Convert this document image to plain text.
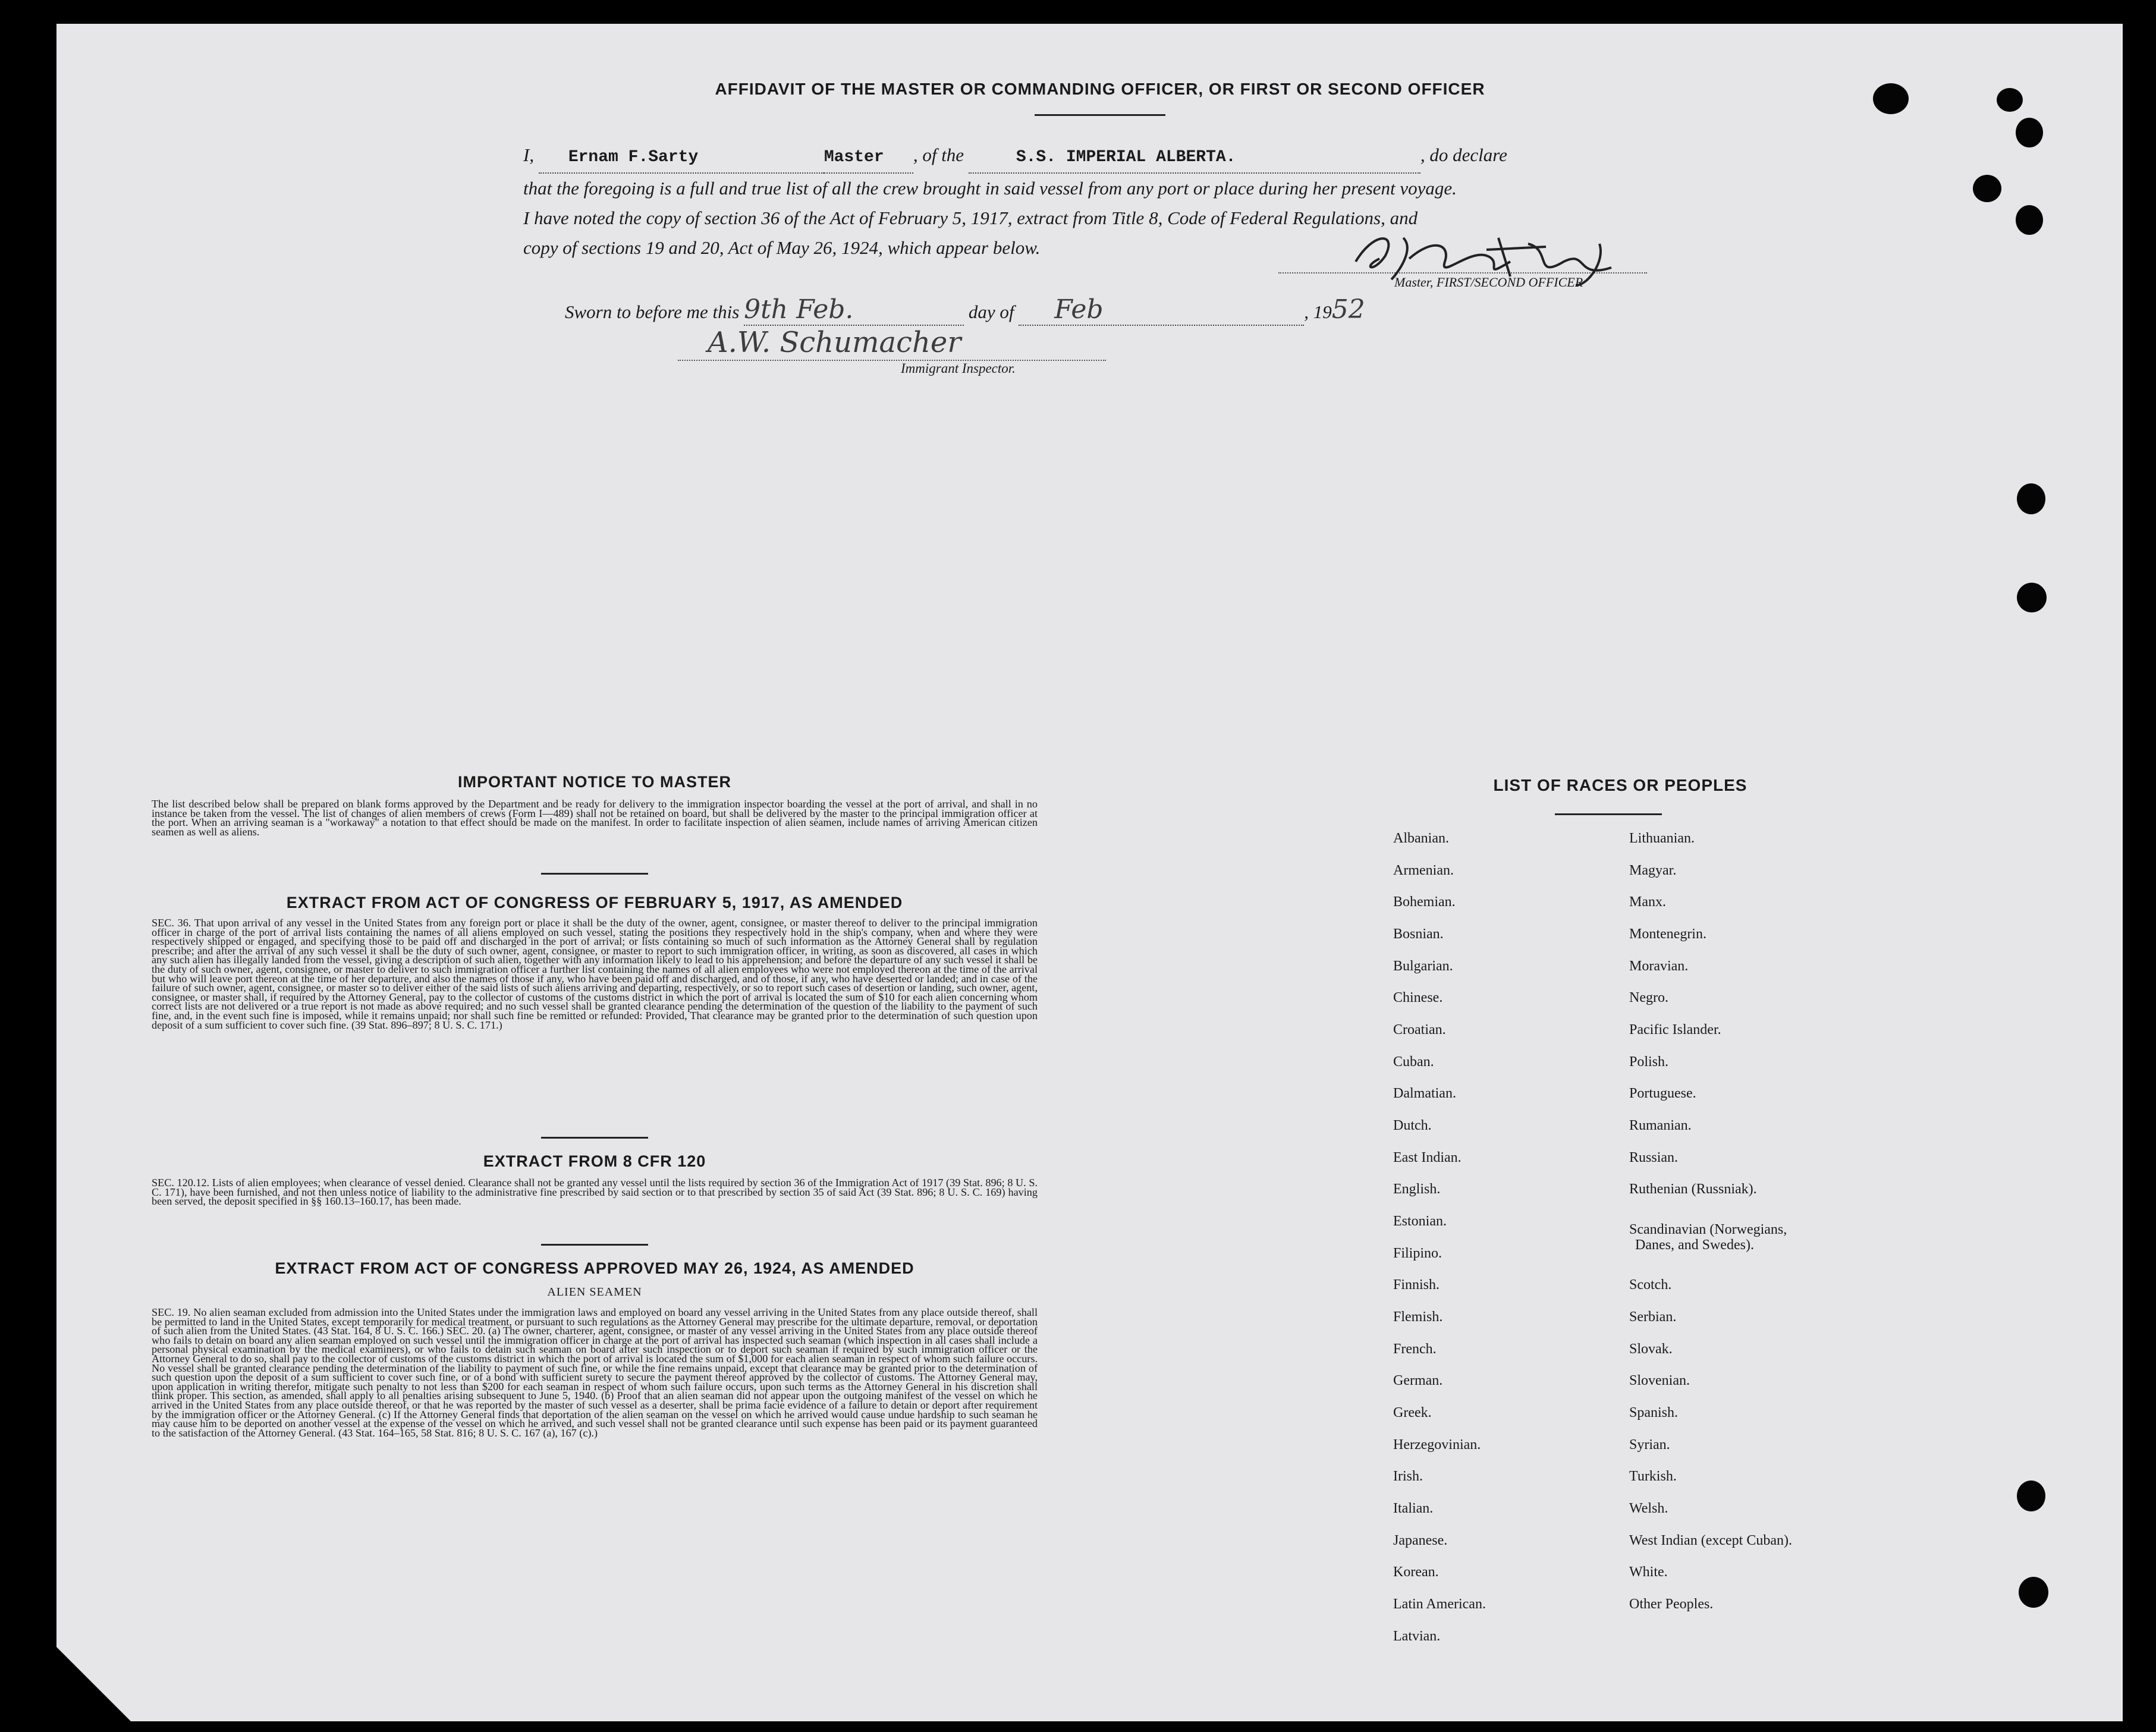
AFFIDAVIT OF THE MASTER OR COMMANDING OFFICER, OR FIRST OR SECOND OFFICER
I, Ernam F.Sarty	Master , of the	S.S. IMPERIAL ALBERTA.	, do declare
that the foregoing is a full and true list of all the crew brought in said vessel from any port or place during her present voyage.
I have noted the copy of section 36 of the Act of February 5, 1917, extract from Title 8, Code of Federal Regulations, and
copy of sections 19 and 20, Act of May 26, 1924, which appear below.
Master, FIRST/SECOND OFFICER
Sworn to before me this 9th Feb.	day of Feb	, 1952
A.W. Schumacher
Immigrant Inspector.
IMPORTANT NOTICE TO MASTER
The list described below shall be prepared on blank forms approved by the Department and be ready for delivery to the immigration inspector boarding the vessel at the port of arrival, and shall in no instance be taken from the vessel. The list of changes of alien members of crews (Form I—489) shall not be retained on board, but shall be delivered by the master to the principal immigration officer at the port. When an arriving seaman is a "workaway" a notation to that effect should be made on the manifest. In order to facilitate inspection of alien seamen, include names of arriving American citizen seamen as well as aliens.
EXTRACT FROM ACT OF CONGRESS OF FEBRUARY 5, 1917, AS AMENDED
SEC. 36. That upon arrival of any vessel in the United States from any foreign port or place it shall be the duty of the owner, agent, consignee, or master thereof to deliver to the principal immigration officer in charge of the port of arrival lists containing the names of all aliens employed on such vessel, stating the positions they respectively hold in the ship's company, when and where they were respectively shipped or engaged, and specifying those to be paid off and discharged in the port of arrival; or lists containing so much of such information as the Attorney General shall by regulation prescribe; and after the arrival of any such vessel it shall be the duty of such owner, agent, consignee, or master to report to such immigration officer, in writing, as soon as discovered, all cases in which any such alien has illegally landed from the vessel, giving a description of such alien, together with any information likely to lead to his apprehension; and before the departure of any such vessel it shall be the duty of such owner, agent, consignee, or master to deliver to such immigration officer a further list containing the names of all alien employees who were not employed thereon at the time of the arrival but who will leave port thereon at the time of her departure, and also the names of those if any, who have been paid off and discharged, and of those, if any, who have deserted or landed; and in case of the failure of such owner, agent, consignee, or master so to deliver either of the said lists of such aliens arriving and departing, respectively, or so to report such cases of desertion or landing, such owner, agent, consignee, or master shall, if required by the Attorney General, pay to the collector of customs of the customs district in which the port of arrival is located the sum of $10 for each alien concerning whom correct lists are not delivered or a true report is not made as above required; and no such vessel shall be granted clearance pending the determination of the question of the liability to the payment of such fine, and, in the event such fine is imposed, while it remains unpaid; nor shall such fine be remitted or refunded: Provided, That clearance may be granted prior to the determination of such question upon deposit of a sum sufficient to cover such fine. (39 Stat. 896–897; 8 U. S. C. 171.)
EXTRACT FROM 8 CFR 120
SEC. 120.12. Lists of alien employees; when clearance of vessel denied. Clearance shall not be granted any vessel until the lists required by section 36 of the Immigration Act of 1917 (39 Stat. 896; 8 U. S. C. 171), have been furnished, and not then unless notice of liability to the administrative fine prescribed by said section or to that prescribed by section 35 of said Act (39 Stat. 896; 8 U. S. C. 169) having been served, the deposit specified in §§ 160.13–160.17, has been made.
EXTRACT FROM ACT OF CONGRESS APPROVED MAY 26, 1924, AS AMENDED
ALIEN SEAMEN
SEC. 19. No alien seaman excluded from admission into the United States under the immigration laws and employed on board any vessel arriving in the United States from any place outside thereof, shall be permitted to land in the United States, except temporarily for medical treatment, or pursuant to such regulations as the Attorney General may prescribe for the ultimate departure, removal, or deportation of such alien from the United States. (43 Stat. 164, 8 U. S. C. 166.) SEC. 20. (a) The owner, charterer, agent, consignee, or master of any vessel arriving in the United States from any place outside thereof who fails to detain on board any alien seaman employed on such vessel until the immigration officer in charge at the port of arrival has inspected such seaman (which inspection in all cases shall include a personal physical examination by the medical examiners), or who fails to detain such seaman on board after such inspection or to deport such seaman if required by such immigration officer or the Attorney General to do so, shall pay to the collector of customs of the customs district in which the port of arrival is located the sum of $1,000 for each alien seaman in respect of whom such failure occurs. No vessel shall be granted clearance pending the determination of the liability to payment of such fine, or while the fine remains unpaid, except that clearance may be granted prior to the determination of such question upon the deposit of a sum sufficient to cover such fine, or of a bond with sufficient surety to secure the payment thereof approved by the collector of customs. The Attorney General may, upon application in writing therefor, mitigate such penalty to not less than $200 for each seaman in respect of whom such failure occurs, upon such terms as the Attorney General in his discretion shall think proper. This section, as amended, shall apply to all penalties arising subsequent to June 5, 1940. (b) Proof that an alien seaman did not appear upon the outgoing manifest of the vessel on which he arrived in the United States from any place outside thereof, or that he was reported by the master of such vessel as a deserter, shall be prima facie evidence of a failure to detain or deport after requirement by the immigration officer or the Attorney General. (c) If the Attorney General finds that deportation of the alien seaman on the vessel on which he arrived would cause undue hardship to such seaman he may cause him to be deported on another vessel at the expense of the vessel on which he arrived, and such vessel shall not be granted clearance until such expense has been paid or its payment guaranteed to the satisfaction of the Attorney General. (43 Stat. 164–165, 58 Stat. 816; 8 U. S. C. 167 (a), 167 (c).)
LIST OF RACES OR PEOPLES
Albanian.
Armenian.
Bohemian.
Bosnian.
Bulgarian.
Chinese.
Croatian.
Cuban.
Dalmatian.
Dutch.
East Indian.
English.
Estonian.
Filipino.
Finnish.
Flemish.
French.
German.
Greek.
Herzegovinian.
Irish.
Italian.
Japanese.
Korean.
Latin American.
Latvian.
Lithuanian.
Magyar.
Manx.
Montenegrin.
Moravian.
Negro.
Pacific Islander.
Polish.
Portuguese.
Rumanian.
Russian.
Ruthenian (Russniak).
Scandinavian (Norwegians,
Danes, and Swedes).
Scotch.
Serbian.
Slovak.
Slovenian.
Spanish.
Syrian.
Turkish.
Welsh.
West Indian (except Cuban).
White.
Other Peoples.
